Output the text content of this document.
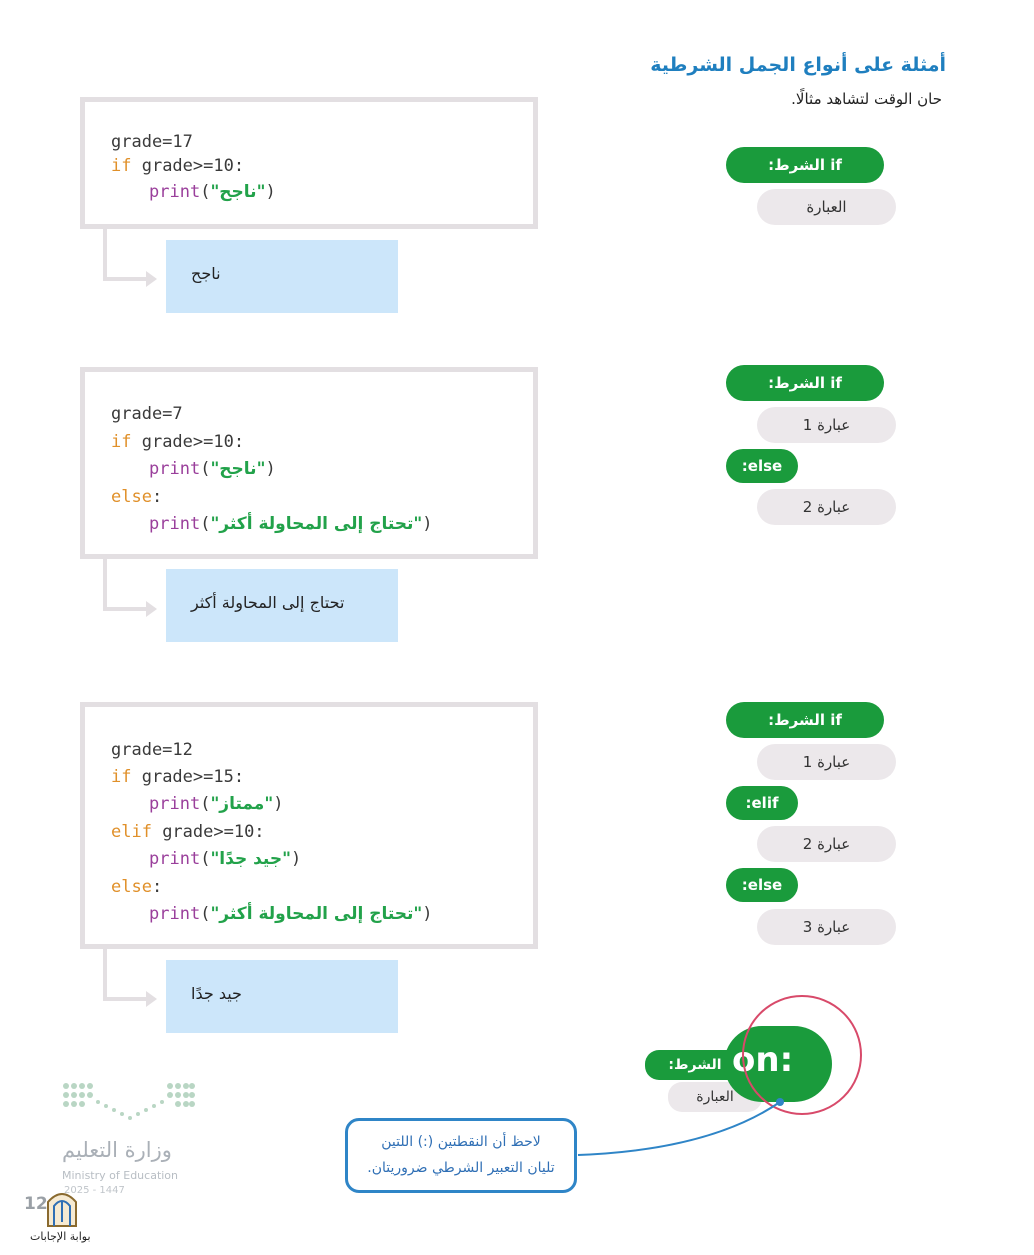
أمثلة على أنواع الجمل الشرطية
حان الوقت لتشاهد مثالًا.
grade=17
if grade>=10:
print("ناجح")
ناجح
if الشرط:
العبارة
grade=7
if grade>=10:
print("ناجح")
else:
print("تحتاج إلى المحاولة أكثر")
تحتاج إلى المحاولة أكثر
if الشرط:
عبارة 1
else:
عبارة 2
grade=12
if grade>=15:
print("ممتاز")
elif grade>=10:
print("جيد جدًا")
else:
print("تحتاج إلى المحاولة أكثر")
جيد جدًا
if الشرط:
عبارة 1
elif:
عبارة 2
else:
عبارة 3
العبارة
الشرط: on:
لاحظ أن النقطتين (:) اللتين
تليان التعبير الشرطي ضروريتان.
وزارة التعليم
Ministry of Education
2025 - 1447
12
بوابة الإجابات
